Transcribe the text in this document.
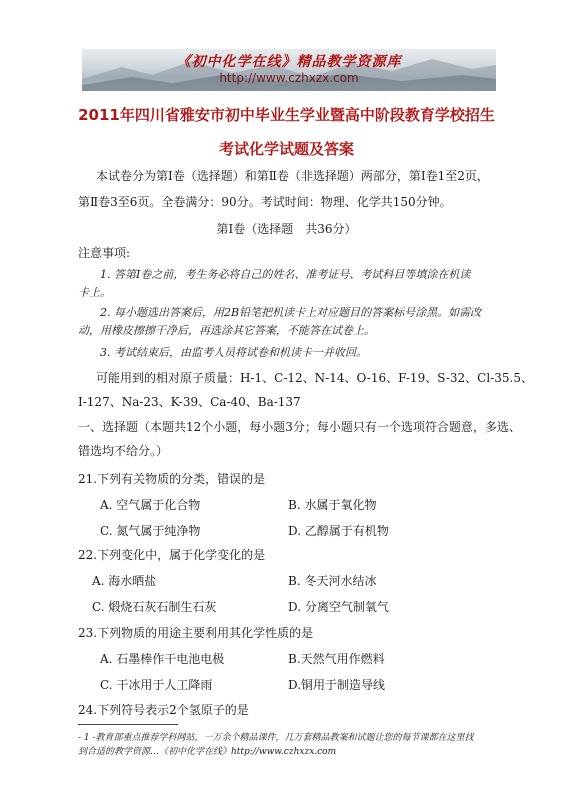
《初中化学在线》精品教学资源库
http://www.czhxzx.com
2011年四川省雅安市初中毕业生学业暨高中阶段教育学校招生
考试化学试题及答案
本试卷分为第Ⅰ卷（选择题）和第Ⅱ卷（非选择题）两部分，第Ⅰ卷1至2页，
第Ⅱ卷3至6页。全卷满分：90分。考试时间：物理、化学共150分钟。
第Ⅰ卷（选择题　共36分）
注意事项:
1. 答第Ⅰ卷之前，考生务必将自己的姓名、准考证号、考试科目等填涂在机读
卡上。
2. 每小题选出答案后，用2B铅笔把机读卡上对应题目的答案标号涂黑。如需改
动，用橡皮擦擦干净后，再选涂其它答案，不能答在试卷上。
3. 考试结束后，由监考人员将试卷和机读卡一并收回。
可能用到的相对原子质量：H-1、C-12、N-14、O-16、F-19、S-32、Cl-35.5、
I-127、Na-23、K-39、Ca-40、Ba-137
一、选择题（本题共12个小题，每小题3分；每小题只有一个选项符合题意，多选、
错选均不给分。）
21.下列有关物质的分类，错误的是
A. 空气属于化合物	B. 水属于氧化物
C. 氮气属于纯净物	D. 乙醇属于有机物
22.下列变化中，属于化学变化的是
A. 海水晒盐	B. 冬天河水结冰
C. 煅烧石灰石制生石灰	D. 分离空气制氧气
23.下列物质的用途主要利用其化学性质的是
A. 石墨棒作干电池电极	B.天然气用作燃料
C. 干冰用于人工降雨	D.铜用于制造导线
24.下列符号表示2个氢原子的是
- 1 -教育部重点推荐学科网站，一万余个精品课件，几万套精品教案和试题让您的每节课都在这里找
到合适的教学资源…《初中化学在线》http://www.czhxzx.com
